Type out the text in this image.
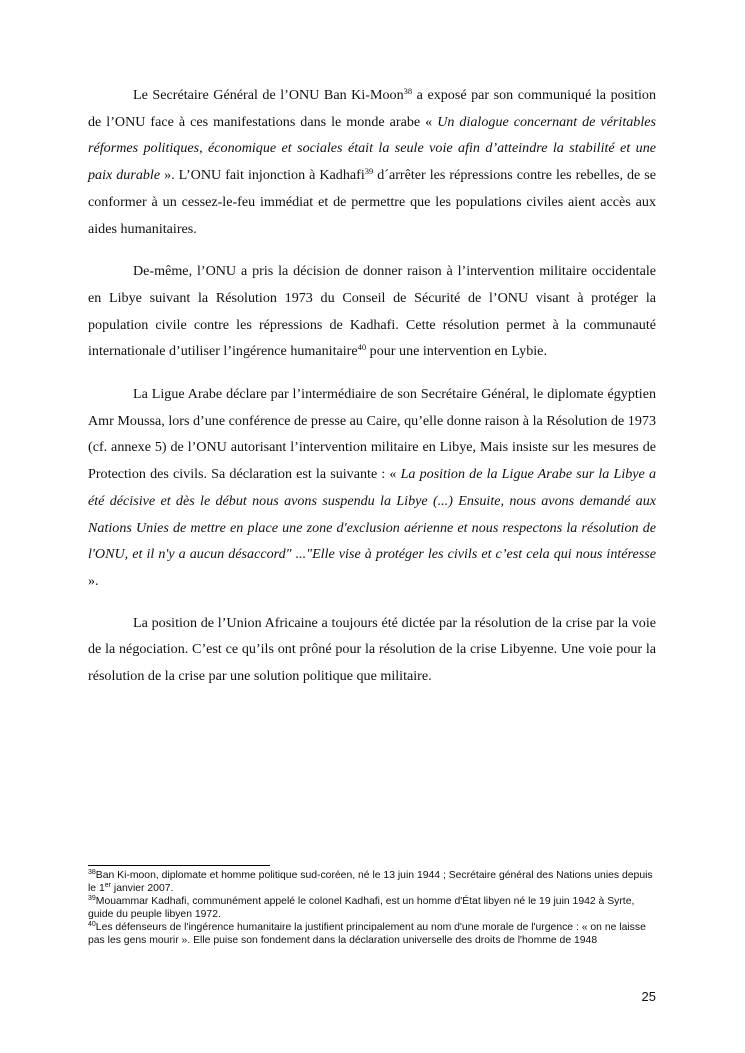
Le Secrétaire Général de l’ONU Ban Ki-Moon$^{38}$ a exposé par son communiqué la position de l’ONU face à ces manifestations dans le monde arabe « Un dialogue concernant de véritables réformes politiques, économique et sociales était la seule voie afin d’atteindre la stabilité et une paix durable ». L’ONU fait injonction à Kadhafi$^{39}$ d´arrêter les répressions contre les rebelles, de se conformer à un cessez-le-feu immédiat et de permettre que les populations civiles aient accès aux aides humanitaires.

De-même, l’ONU a pris la décision de donner raison à l’intervention militaire occidentale en Libye suivant la Résolution 1973 du Conseil de Sécurité de l’ONU visant à protéger la population civile contre les répressions de Kadhafi. Cette résolution permet à la communauté internationale d’utiliser l’ingérence humanitaire$^{40}$ pour une intervention en Lybie.

La Ligue Arabe déclare par l’intermédiaire de son Secrétaire Général, le diplomate égyptien Amr Moussa, lors d’une conférence de presse au Caire, qu’elle donne raison à la Résolution de 1973 (cf. annexe 5) de l’ONU autorisant l’intervention militaire en Libye, Mais insiste sur les mesures de Protection des civils. Sa déclaration est la suivante : « La position de la Ligue Arabe sur la Libye a été décisive et dès le début nous avons suspendu la Libye (...) Ensuite, nous avons demandé aux Nations Unies de mettre en place une zone d'exclusion aérienne et nous respectons la résolution de l'ONU, et il n'y a aucun désaccord" ..."Elle vise à protéger les civils et c’est cela qui nous intéresse ».

La position de l’Union Africaine a toujours été dictée par la résolution de la crise par la voie de la négociation. C’est ce qu’ils ont prôné pour la résolution de la crise Libyenne. Une voie pour la résolution de la crise par une solution politique que militaire.

$^{38}$Ban Ki-moon, diplomate et homme politique sud-coréen, né le 13 juin 1944 ; Secrétaire général des Nations unies depuis le 1er janvier 2007.

$^{39}$Mouammar Kadhafi, communément appelé le colonel Kadhafi, est un homme d'État libyen né le 19 juin 1942 à Syrte, guide du peuple libyen 1972.

$^{40}$Les défenseurs de l'ingérence humanitaire la justifient principalement au nom d'une morale de l'urgence : « on ne laisse pas les gens mourir ». Elle puise son fondement dans la déclaration universelle des droits de l'homme de 1948

25
